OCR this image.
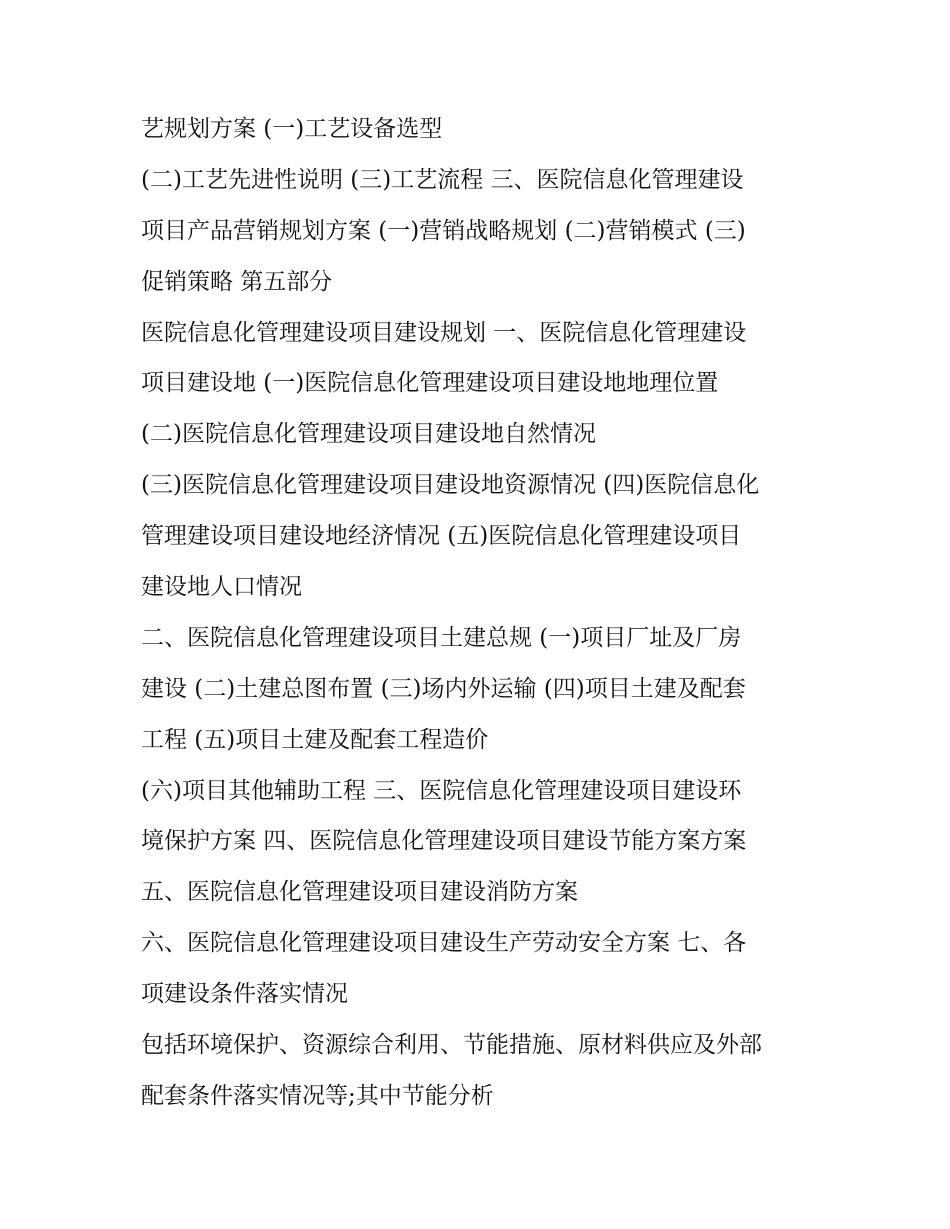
艺规划方案 (一)工艺设备选型
(二)工艺先进性说明 (三)工艺流程 三、医院信息化管理建设
项目产品营销规划方案 (一)营销战略规划 (二)营销模式 (三)
促销策略 第五部分
医院信息化管理建设项目建设规划 一、医院信息化管理建设
项目建设地 (一)医院信息化管理建设项目建设地地理位置
(二)医院信息化管理建设项目建设地自然情况
(三)医院信息化管理建设项目建设地资源情况 (四)医院信息化
管理建设项目建设地经济情况 (五)医院信息化管理建设项目
建设地人口情况
二、医院信息化管理建设项目土建总规 (一)项目厂址及厂房
建设 (二)土建总图布置 (三)场内外运输 (四)项目土建及配套
工程 (五)项目土建及配套工程造价
(六)项目其他辅助工程 三、医院信息化管理建设项目建设环
境保护方案 四、医院信息化管理建设项目建设节能方案方案
五、医院信息化管理建设项目建设消防方案
六、医院信息化管理建设项目建设生产劳动安全方案 七、各
项建设条件落实情况
包括环境保护、资源综合利用、节能措施、原材料供应及外部
配套条件落实情况等;其中节能分析
